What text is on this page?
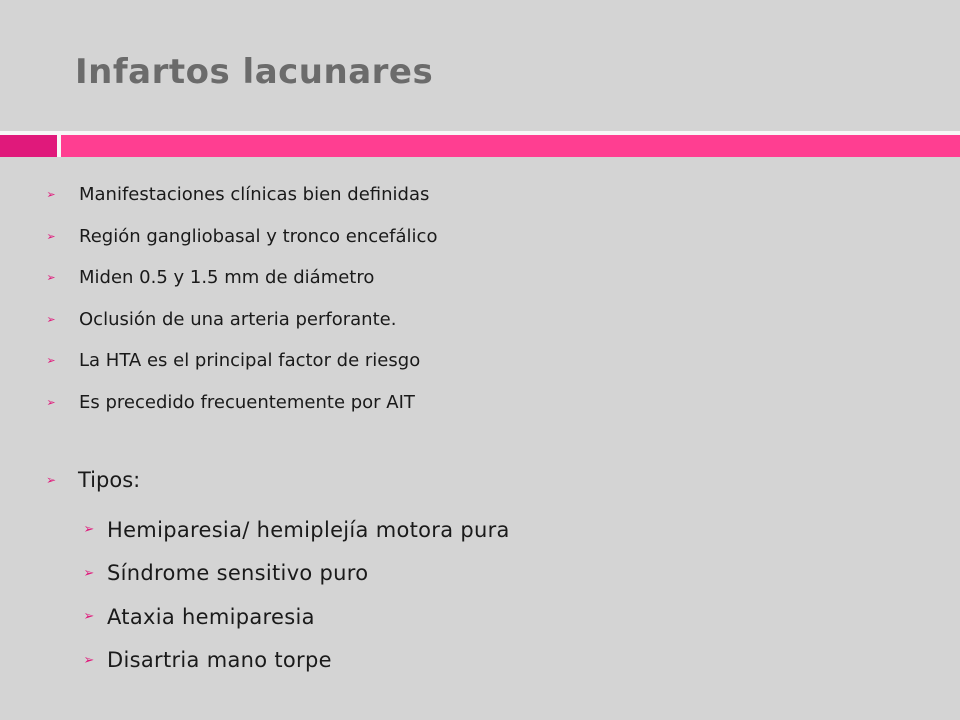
Infartos lacunares
➢ Manifestaciones clínicas bien definidas
➢ Región gangliobasal y tronco encefálico
➢ Miden 0.5 y 1.5 mm de diámetro
➢ Oclusión de una arteria perforante.
➢ La HTA es el principal factor de riesgo
➢ Es precedido frecuentemente por AIT
➢ Tipos:
➢ Hemiparesia/ hemiplejía motora pura
➢ Síndrome sensitivo puro
➢ Ataxia hemiparesia
➢ Disartria mano torpe
